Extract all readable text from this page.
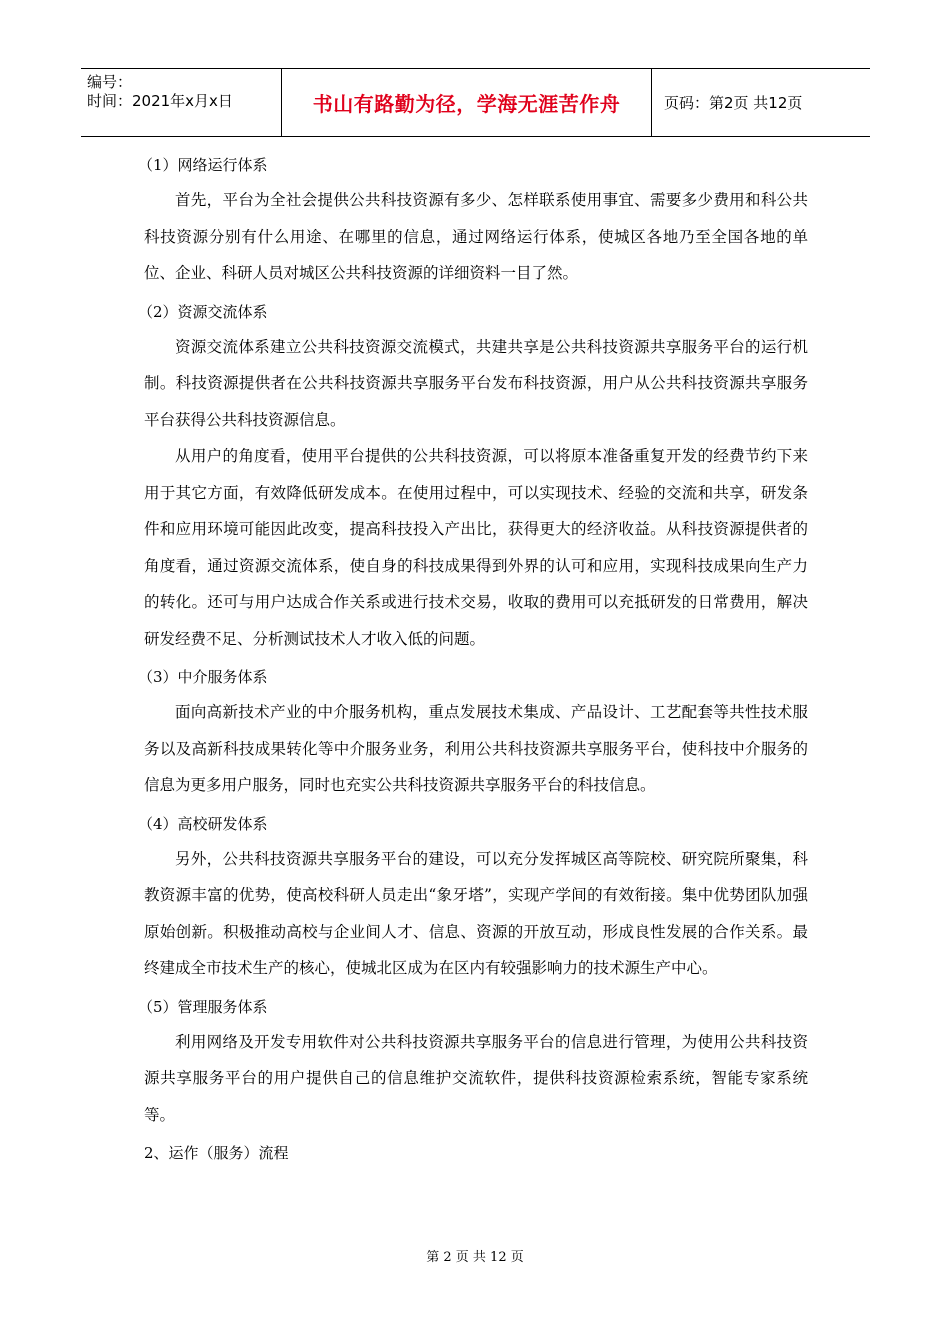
编号：
时间：2021年x月x日	书山有路勤为径，学海无涯苦作舟	页码：第2页 共12页
（1）网络运行体系

首先，平台为全社会提供公共科技资源有多少、怎样联系使用事宜、需要多少费用和科公共科技资源分别有什么用途、在哪里的信息，通过网络运行体系，使城区各地乃至全国各地的单位、企业、科研人员对城区公共科技资源的详细资料一目了然。

（2）资源交流体系

资源交流体系建立公共科技资源交流模式，共建共享是公共科技资源共享服务平台的运行机制。科技资源提供者在公共科技资源共享服务平台发布科技资源，用户从公共科技资源共享服务平台获得公共科技资源信息。

从用户的角度看，使用平台提供的公共科技资源，可以将原本准备重复开发的经费节约下来用于其它方面，有效降低研发成本。在使用过程中，可以实现技术、经验的交流和共享，研发条件和应用环境可能因此改变，提高科技投入产出比，获得更大的经济收益。从科技资源提供者的角度看，通过资源交流体系，使自身的科技成果得到外界的认可和应用，实现科技成果向生产力的转化。还可与用户达成合作关系或进行技术交易，收取的费用可以充抵研发的日常费用，解决研发经费不足、分析测试技术人才收入低的问题。

（3）中介服务体系

面向高新技术产业的中介服务机构，重点发展技术集成、产品设计、工艺配套等共性技术服务以及高新科技成果转化等中介服务业务，利用公共科技资源共享服务平台，使科技中介服务的信息为更多用户服务，同时也充实公共科技资源共享服务平台的科技信息。

（4）高校研发体系

另外，公共科技资源共享服务平台的建设，可以充分发挥城区高等院校、研究院所聚集，科教资源丰富的优势，使高校科研人员走出“象牙塔”，实现产学间的有效衔接。集中优势团队加强原始创新。积极推动高校与企业间人才、信息、资源的开放互动，形成良性发展的合作关系。最终建成全市技术生产的核心，使城北区成为在区内有较强影响力的技术源生产中心。

（5）管理服务体系

利用网络及开发专用软件对公共科技资源共享服务平台的信息进行管理，为使用公共科技资源共享服务平台的用户提供自己的信息维护交流软件，提供科技资源检索系统，智能专家系统等。

2、运作（服务）流程
第 2 页 共 12 页
